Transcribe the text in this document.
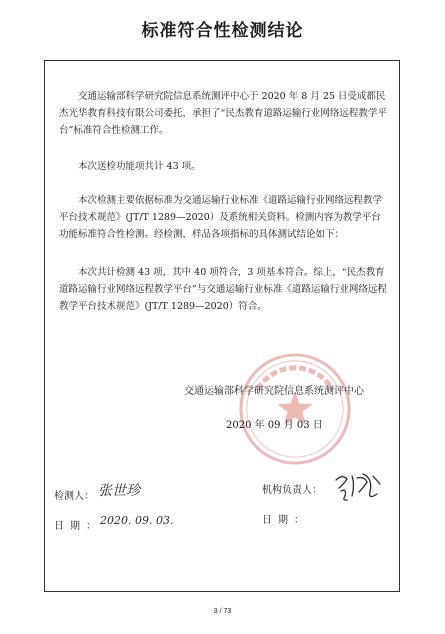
标准符合性检测结论

交通运输部科学研究院信息系统测评中心于 2020 年 8 月 25 日受成都民杰光华教育科技有限公司委托，承担了“民杰教育道路运输行业网络远程教学平台”标准符合性检测工作。

本次送检功能项共计 43 项。

本次检测主要依据标准为交通运输行业标准《道路运输行业网络远程教学平台技术规范》(JT/T 1289—2020）及系统相关资料。检测内容为教学平台功能标准符合性检测。经检测，样品各项指标的具体测试结论如下：

本次共计检测 43 项，其中 40 项符合，3 项基本符合。综上，“民杰教育道路运输行业网络远程教学平台”与交通运输行业标准《道路运输行业网络远程教学平台技术规范》(JT/T 1289—2020）符合。

交通运输部科学研究院信息系统测评中心

2020 年 09 月 03 日

检测人： 张世珍
日期：
2020. 09. 03.
机构负责人：
日期：
3 / 73
